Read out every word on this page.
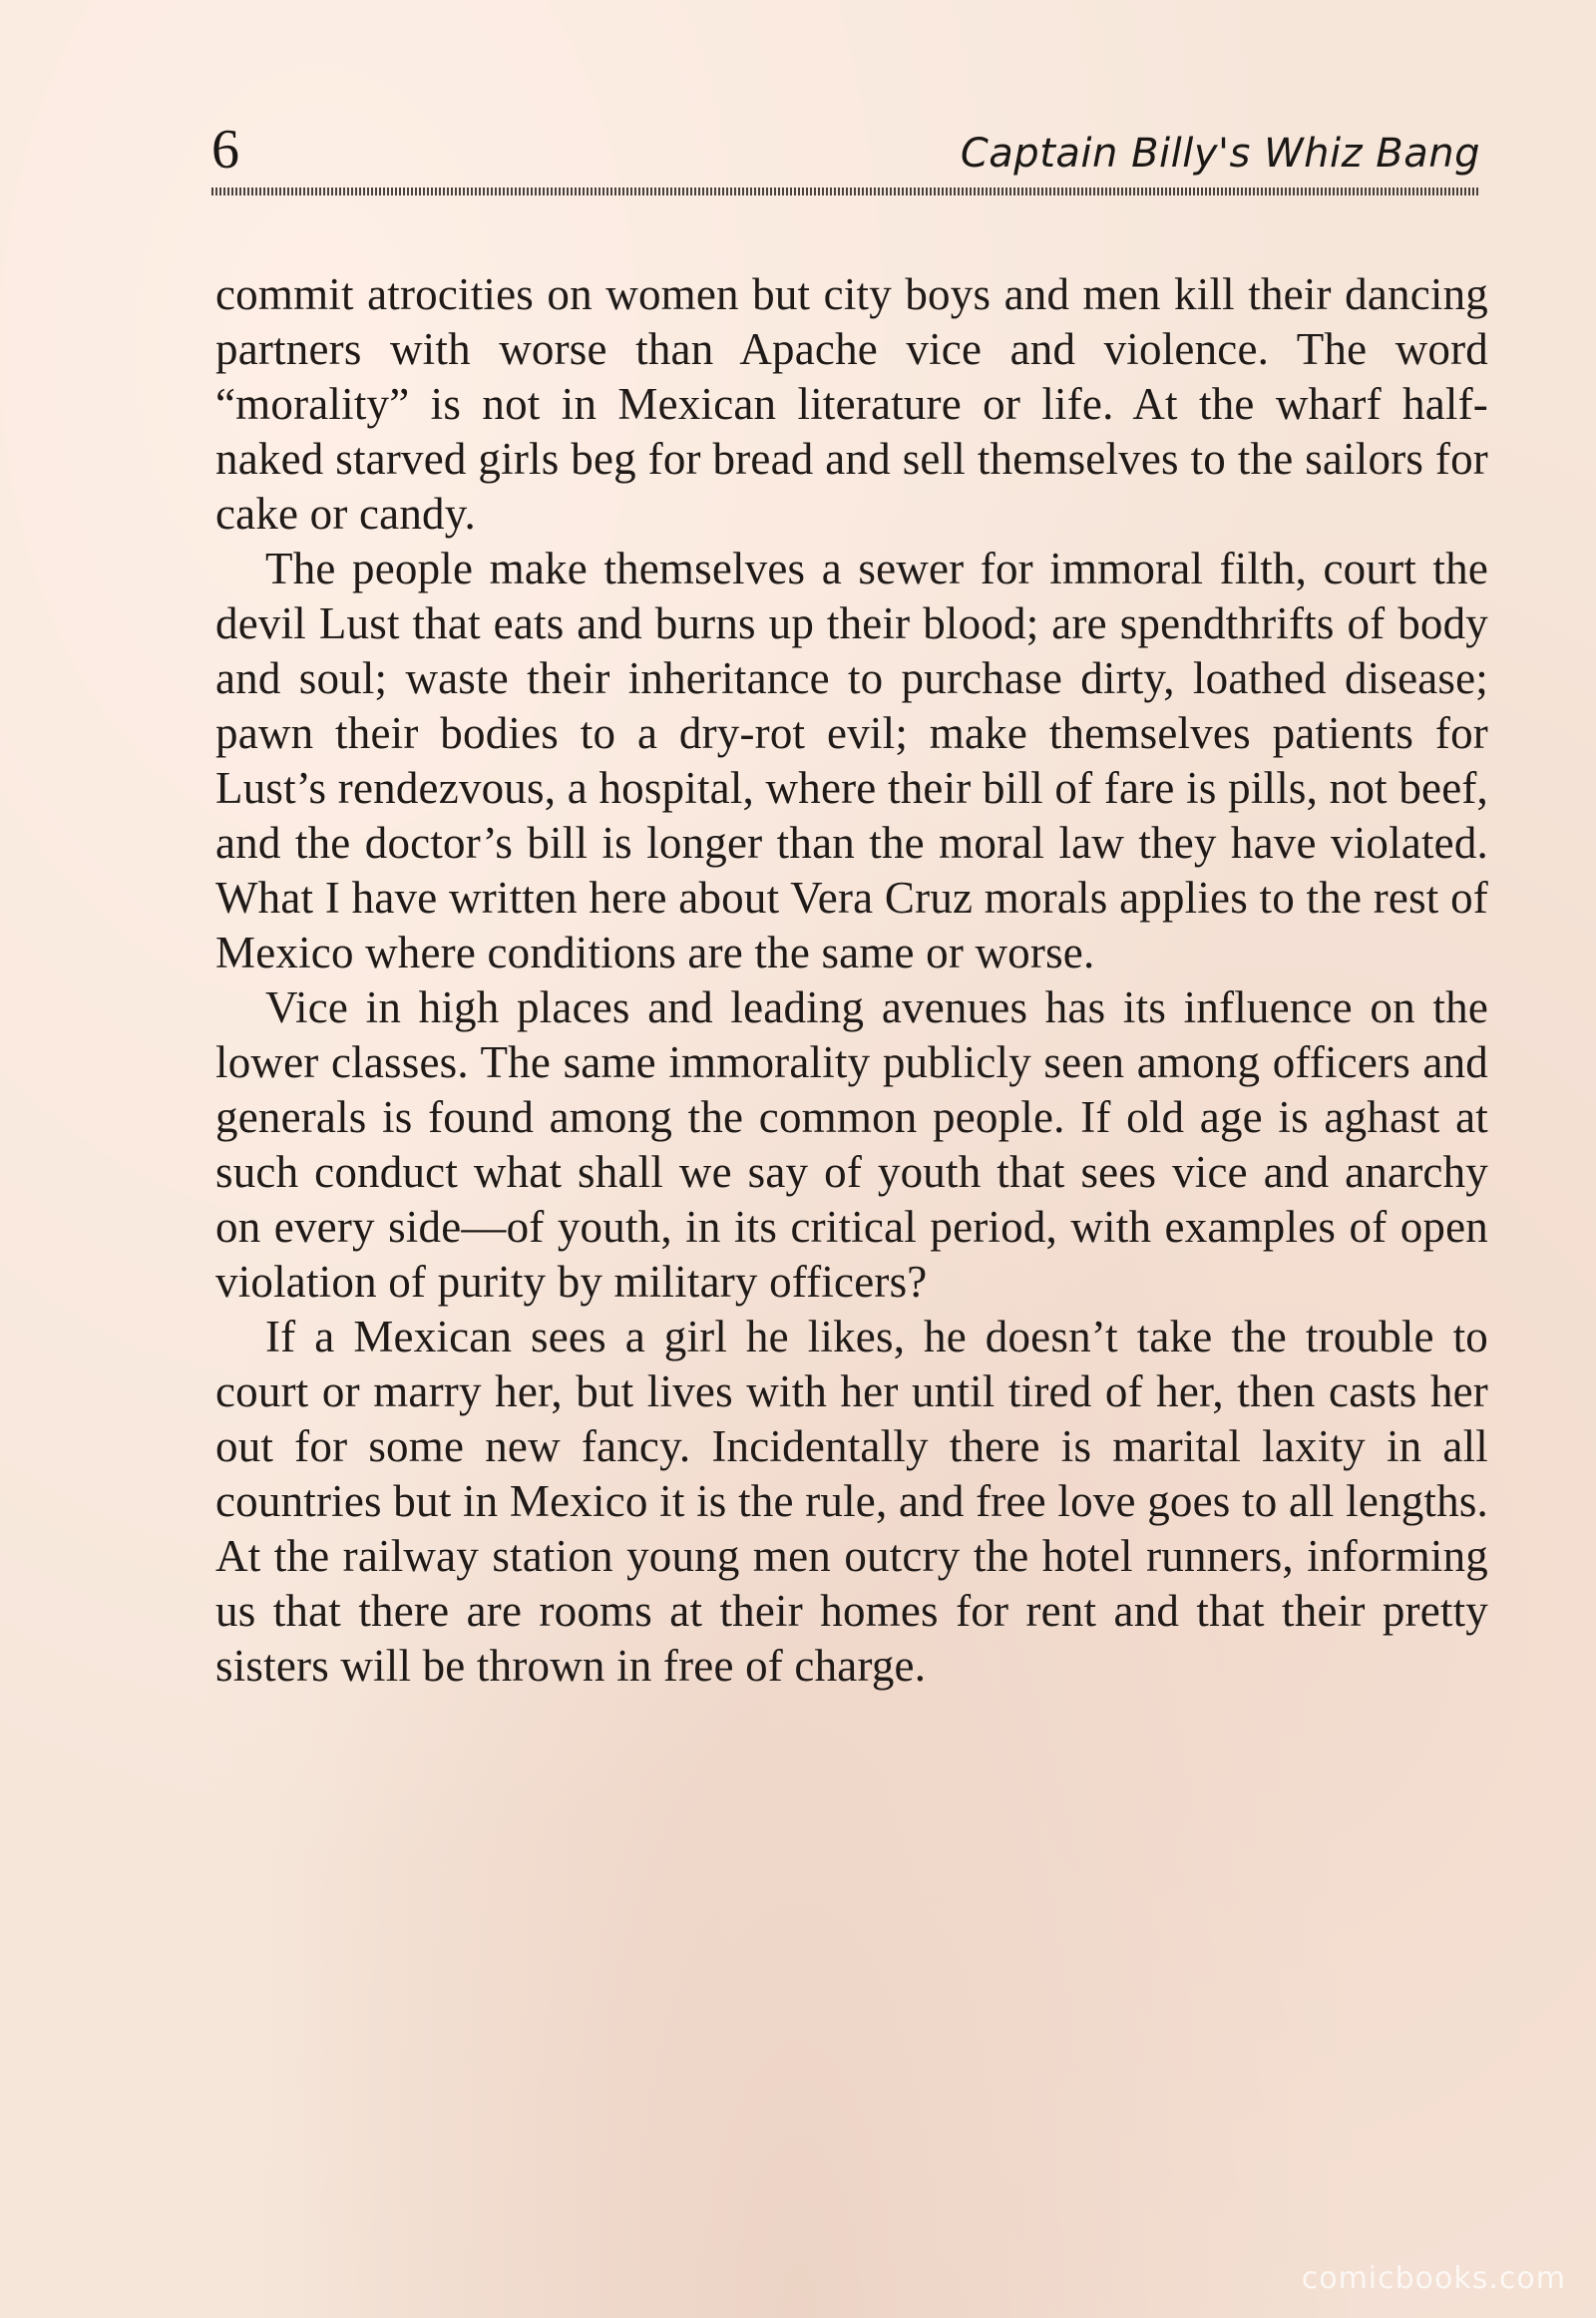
6	Captain Billy's Whiz Bang

commit atrocities on women but city boys and men kill their dancing partners with worse than Apache vice and violence. The word “morality” is not in Mexican literature or life. At the wharf half-naked starved girls beg for bread and sell themselves to the sailors for cake or candy.

The people make themselves a sewer for immoral filth, court the devil Lust that eats and burns up their blood; are spendthrifts of body and soul; waste their inheritance to purchase dirty, loathed disease; pawn their bodies to a dry-rot evil; make themselves patients for Lust’s rendezvous, a hospital, where their bill of fare is pills, not beef, and the doctor’s bill is longer than the moral law they have violated. What I have written here about Vera Cruz morals applies to the rest of Mexico where conditions are the same or worse.

Vice in high places and leading avenues has its influence on the lower classes. The same immorality publicly seen among officers and generals is found among the common people. If old age is aghast at such conduct what shall we say of youth that sees vice and anarchy on every side—of youth, in its critical period, with examples of open violation of purity by military officers?

If a Mexican sees a girl he likes, he doesn’t take the trouble to court or marry her, but lives with her until tired of her, then casts her out for some new fancy. Incidentally there is marital laxity in all countries but in Mexico it is the rule, and free love goes to all lengths. At the railway station young men outcry the hotel runners, informing us that there are rooms at their homes for rent and that their pretty sisters will be thrown in free of charge.

comicbooks.com
